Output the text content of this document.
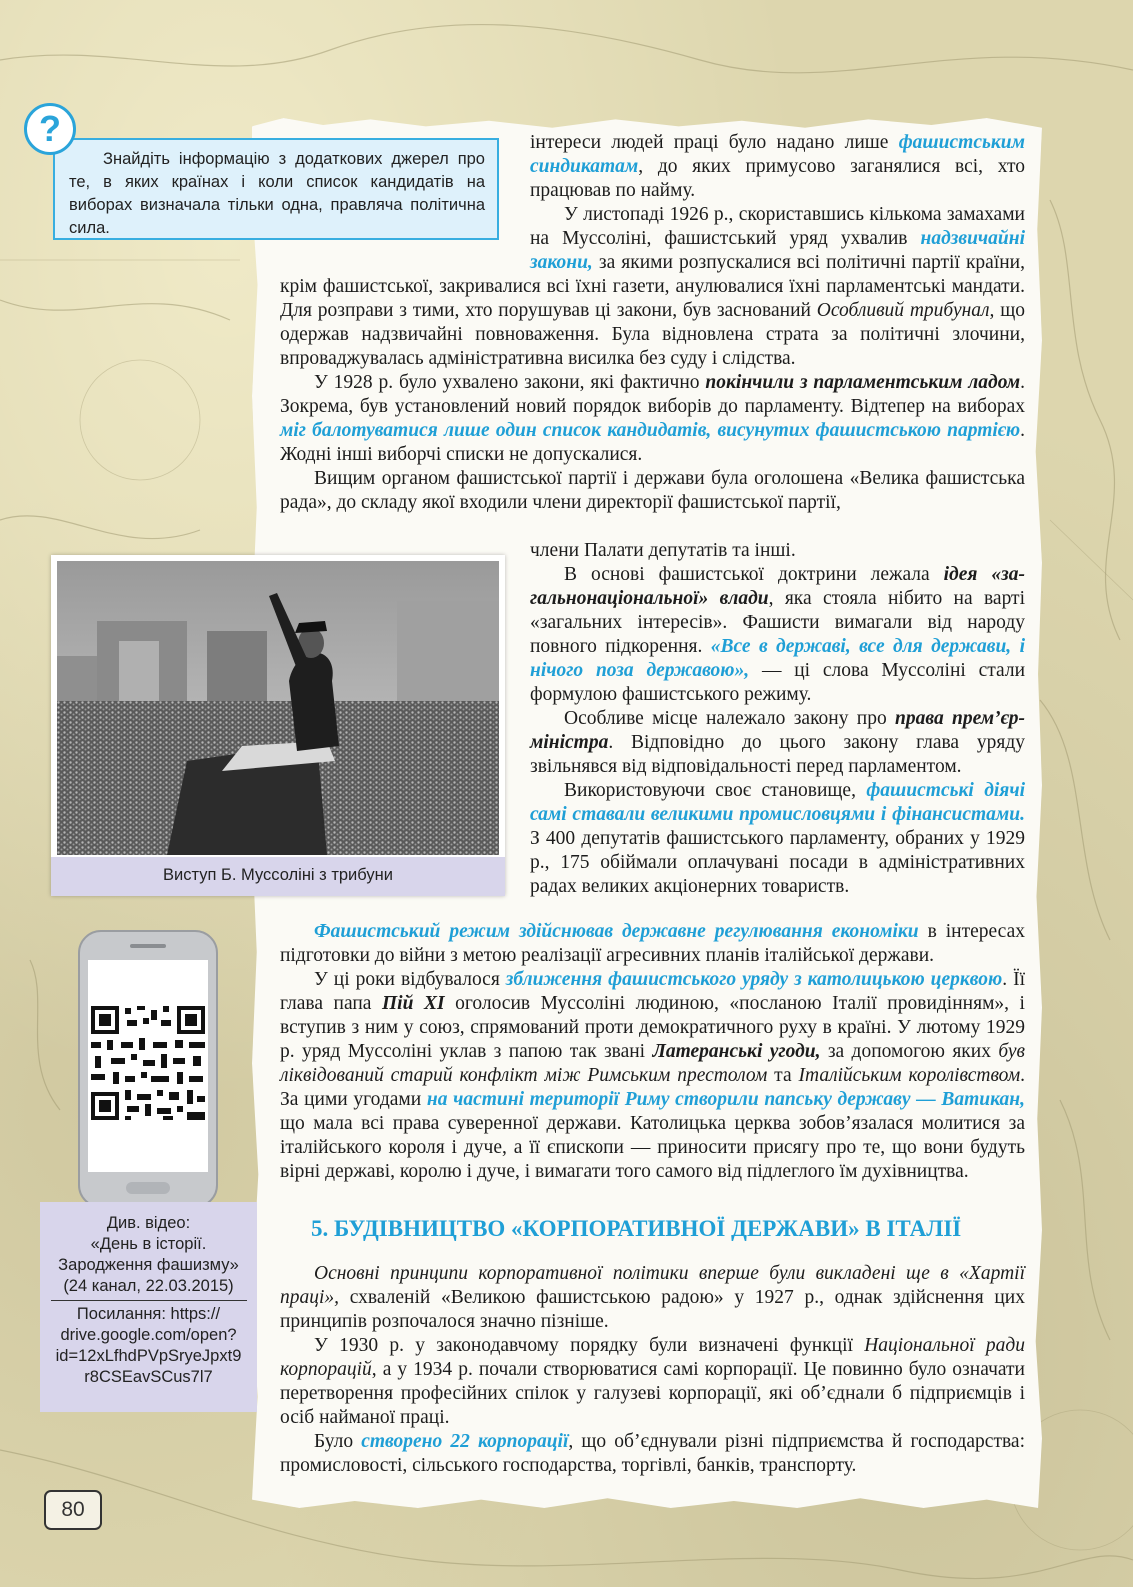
?
Знайдіть інформацію з додаткових джерел про те, в яких країнах і коли список кандидатів на виборах визначала тільки одна, правляча політична сила.

інтереси людей праці було надано лише фашистським синдикатам, до яких примусово заганялися всі, хто працював по найму.

У листопаді 1926 р., скориставшись кількома замахами на Муссоліні, фашистський уряд ухвалив надзвичайні закони, за якими розпускалися всі політичні партії країни, крім фашистської, закривалися всі їхні газети, анулювалися їхні парламентські мандати. Для розправи з тими, хто порушував ці закони, був заснований Особливий трибунал, що одержав надзвичайні повноваження. Була відновлена страта за політичні злочини, впроваджувалась адміністративна висилка без суду і слідства.

У 1928 р. було ухвалено закони, які фактично покінчили з парламентським ладом. Зокрема, був установлений новий порядок виборів до парламенту. Відтепер на виборах міг балотуватися лише один список кандидатів, висунутих фашистською партією. Жодні інші виборчі списки не допускалися.

Вищим органом фашистської партії і держави була оголошена «Велика фашистська рада», до складу якої входили члени директорії фашистської партії,

члени Палати депутатів та інші.

В основі фашистської доктрини лежала ідея «загальнонаціональної» влади, яка стояла нібито на варті «загальних інтересів». Фашисти вимагали від народу повного підкорення. «Все в державі, все для держави, і нічого поза державою», — ці слова Муссоліні стали формулою фашистського режиму.

Особливе місце належало закону про права прем’єр-міністра. Відповідно до цього закону глава уряду звільнявся від відповідальності перед парламентом.

Використовуючи своє становище, фашистські діячі самі ставали великими промисловцями і фінансистами. З 400 депутатів фашистського парламенту, обраних у 1929 р., 175 обіймали оплачувані посади в адміністративних радах великих акціонерних товариств.

Фашистський режим здійснював державне регулювання економіки в інтересах підготовки до війни з метою реалізації агресивних планів італійської держави.

У ці роки відбувалося зближення фашистського уряду з католицькою церквою. Її глава папа Пій XI оголосив Муссоліні людиною, «посланою Італії провидінням», і вступив з ним у союз, спрямований проти демократичного руху в країні. У лютому 1929 р. уряд Муссоліні уклав з папою так звані Латеранські угоди, за допомогою яких був ліквідований старий конфлікт між Римським престолом та Італійським королівством. За цими угодами на частині території Риму створили папську державу — Ватикан, що мала всі права суверенної держави. Католицька церква зобов’язалася молитися за італійського короля і дуче, а її єпископи — приносити присягу про те, що вони будуть вірні державі, королю і дуче, і вимагати того самого від підлеглого їм духівництва.

5. БУДІВНИЦТВО «КОРПОРАТИВНОЇ ДЕРЖАВИ» В ІТАЛІЇ

Основні принципи корпоративної політики вперше були викладені ще в «Хартії праці», схваленій «Великою фашистською радою» у 1927 р., однак здійснення цих принципів розпочалося значно пізніше.

У 1930 р. у законодавчому порядку були визначені функції Національної ради корпорацій, а у 1934 р. почали створюватися самі корпорації. Це повинно було означати перетворення професійних спілок у галузеві корпорації, які об’єднали б підприємців і осіб найманої праці.

Було створено 22 корпорації, що об’єднували різні підприємства й господарства: промисловості, сільського господарства, торгівлі, банків, транспорту.

Виступ Б. Муссоліні з трибуни
Див. відео:
«День в історії.
Зародження фашизму»
(24 канал, 22.03.2015)
Посилання: https://
drive.google.com/open?
id=12xLfhdPVpSryeJpxt9
r8CSEavSCus7l7
80
